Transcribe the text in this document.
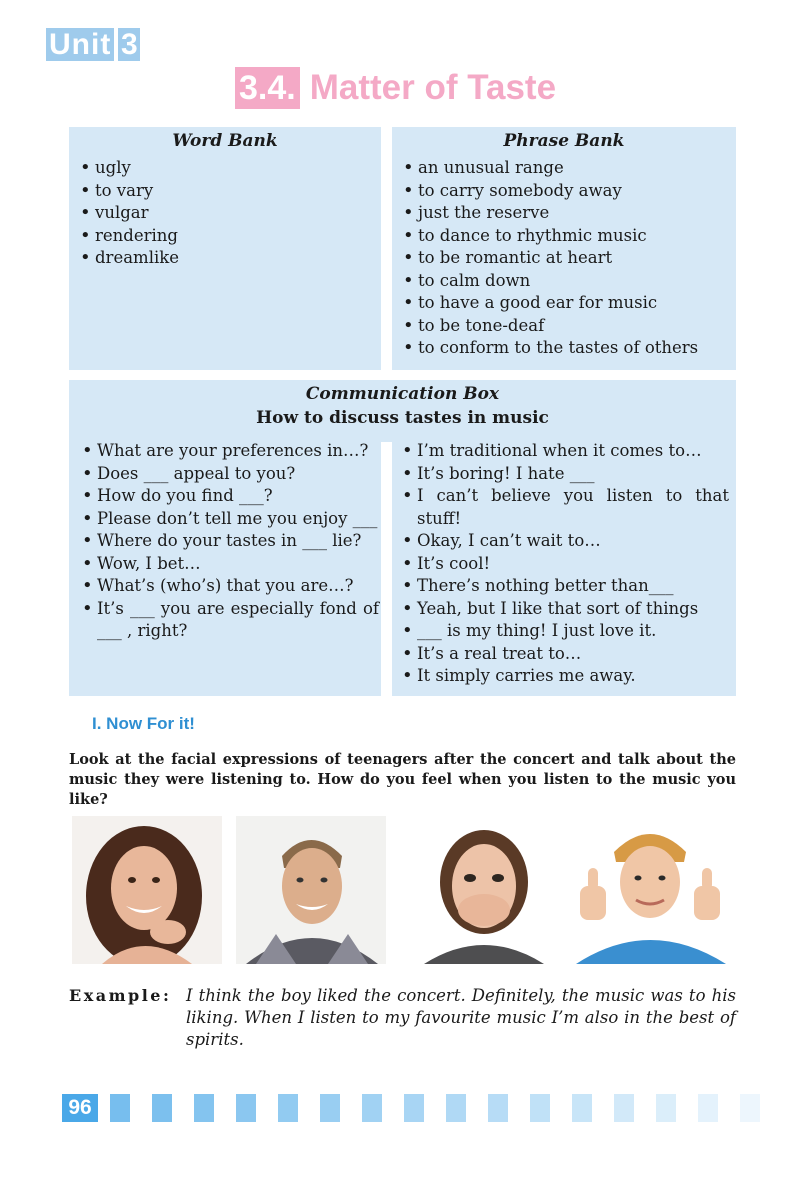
Unit 3
3.4. Matter of Taste
Word Bank
• ugly
• to vary
• vulgar
• rendering
• dreamlike
Phrase Bank
• an unusual range
• to carry somebody away
• just the reserve
• to dance to rhythmic music
• to be romantic at heart
• to calm down
• to have a good ear for music
• to be tone-deaf
• to conform to the tastes of others
Communication Box
How to discuss tastes in music
• What are your preferences in…?
• Does ___ appeal to you?
• How do you find ___?
• Please don’t tell me you enjoy ___
• Where do your tastes in ___ lie?
• Wow, I bet…
• What’s (who’s) that you are…?
• It’s ___ you are especially fond of ___ , right?
• I’m traditional when it comes to…
• It’s boring! I hate ___
• I can’t believe you listen to that stuff!
• Okay, I can’t wait to…
• It’s cool!
• There’s nothing better than___
• Yeah, but I like that sort of things
• ___ is my thing! I just love it.
• It’s a real treat to…
• It simply carries me away.
I. Now For it!
Look at the facial expressions of teenagers after the concert and talk about the music they were listening to. How do you feel when you listen to the music you like?
Example: I think the boy liked the concert. Definitely, the music was to his liking. When I listen to my favourite music I’m also in the best of spirits.
96
